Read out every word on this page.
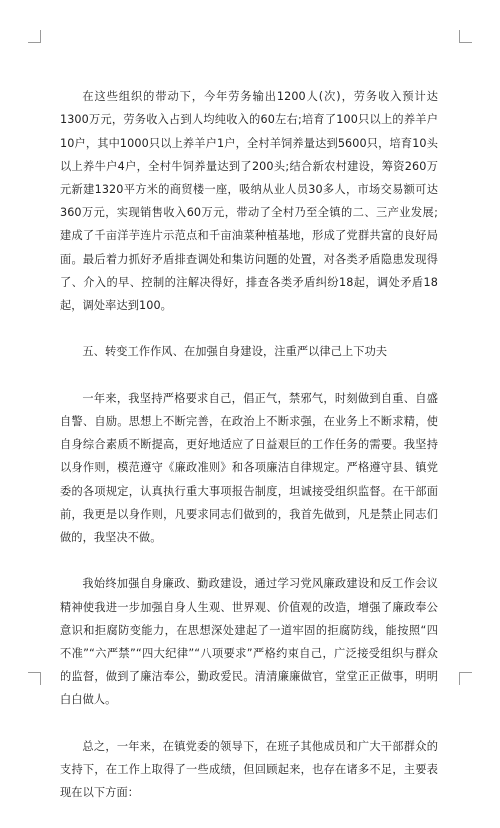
在这些组织的带动下，今年劳务输出1200人(次)，劳务收入预计达1300万元，劳务收入占到人均纯收入的60左右;培育了100只以上的养羊户10户，其中1000只以上养羊户1户，全村羊饲养量达到5600只，培育10头以上养牛户4户，全村牛饲养量达到了200头;结合新农村建设，筹资260万元新建1320平方米的商贸楼一座，吸纳从业人员30多人，市场交易额可达360万元，实现销售收入60万元，带动了全村乃至全镇的二、三产业发展;建成了千亩洋芋连片示范点和千亩油菜种植基地，形成了党群共富的良好局面。最后着力抓好矛盾排查调处和集访问题的处置，对各类矛盾隐患发现得了、介入的早、控制的注解决得好，排查各类矛盾纠纷18起，调处矛盾18起，调处率达到100。

五、转变工作作风、在加强自身建设，注重严以律己上下功夫

一年来，我坚持严格要求自己，倡正气，禁邪气，时刻做到自重、自盛自警、自励。思想上不断完善，在政治上不断求强，在业务上不断求精，使自身综合素质不断提高，更好地适应了日益艰巨的工作任务的需要。我坚持以身作则，模范遵守《廉政准则》和各项廉洁自律规定。严格遵守县、镇党委的各项规定，认真执行重大事项报告制度，坦诚接受组织监督。在干部面前，我更是以身作则，凡要求同志们做到的，我首先做到，凡是禁止同志们做的，我坚决不做。

我始终加强自身廉政、勤政建设，通过学习党风廉政建设和反工作会议精神使我进一步加强自身人生观、世界观、价值观的改造，增强了廉政奉公意识和拒腐防变能力，在思想深处建起了一道牢固的拒腐防线，能按照“四不准”“六严禁”“四大纪律”“八项要求”严格约束自己，广泛接受组织与群众的监督，做到了廉洁奉公，勤政爱民。清清廉廉做官，堂堂正正做事，明明白白做人。

总之，一年来，在镇党委的领导下，在班子其他成员和广大干部群众的支持下，在工作上取得了一些成绩，但回顾起来，也存在诸多不足，主要表现在以下方面：
